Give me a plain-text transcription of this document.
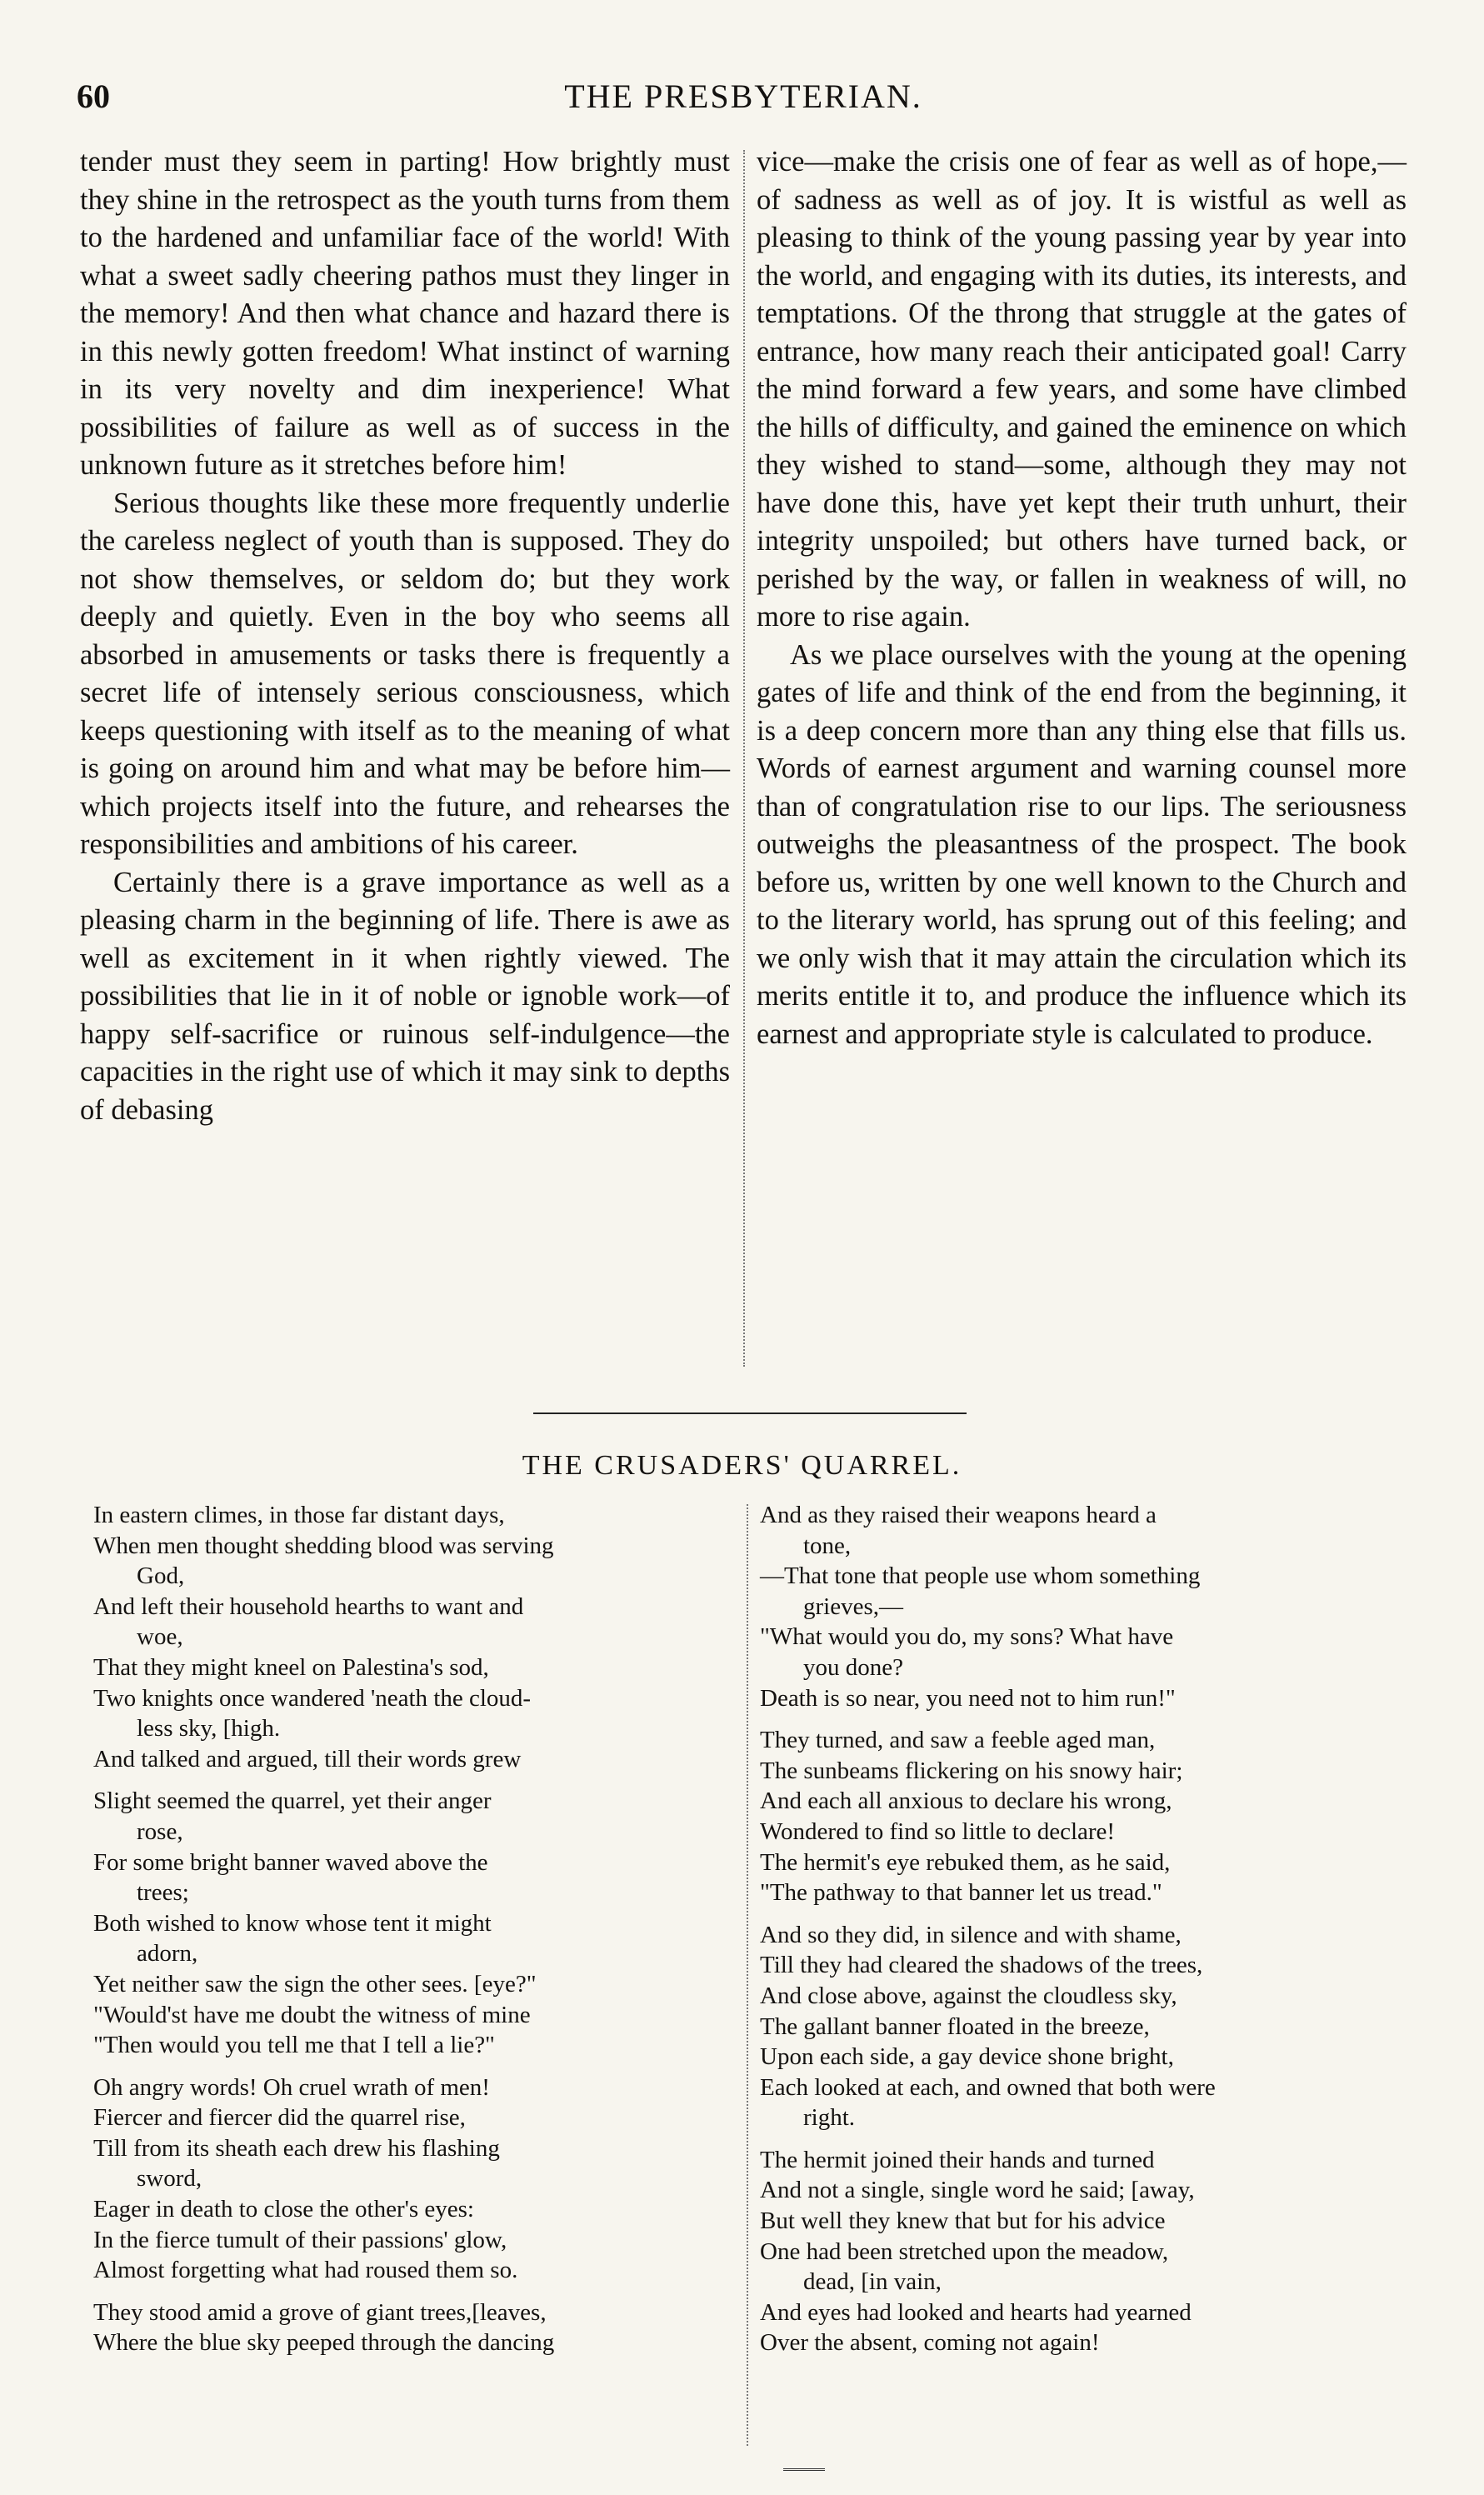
60	THE PRESBYTERIAN.

tender must they seem in parting! How brightly must they shine in the retrospect as the youth turns from them to the hardened and unfamiliar face of the world! With what a sweet sadly cheering pathos must they linger in the memory! And then what chance and hazard there is in this newly gotten freedom! What instinct of warning in its very novelty and dim inexperience! What possibilities of failure as well as of success in the unknown future as it stretches before him!

Serious thoughts like these more frequently underlie the careless neglect of youth than is supposed. They do not show themselves, or seldom do; but they work deeply and quietly. Even in the boy who seems all absorbed in amusements or tasks there is frequently a secret life of intensely serious consciousness, which keeps questioning with itself as to the meaning of what is going on around him and what may be before him—which projects itself into the future, and rehearses the responsibilities and ambitions of his career.

Certainly there is a grave importance as well as a pleasing charm in the beginning of life. There is awe as well as excitement in it when rightly viewed. The possibilities that lie in it of noble or ignoble work—of happy self-sacrifice or ruinous self-indulgence—the capacities in the right use of which it may sink to depths of debasing

vice—make the crisis one of fear as well as of hope,—of sadness as well as of joy. It is wistful as well as pleasing to think of the young passing year by year into the world, and engaging with its duties, its interests, and temptations. Of the throng that struggle at the gates of entrance, how many reach their anticipated goal! Carry the mind forward a few years, and some have climbed the hills of difficulty, and gained the eminence on which they wished to stand—some, although they may not have done this, have yet kept their truth unhurt, their integrity unspoiled; but others have turned back, or perished by the way, or fallen in weakness of will, no more to rise again.

As we place ourselves with the young at the opening gates of life and think of the end from the beginning, it is a deep concern more than any thing else that fills us. Words of earnest argument and warning counsel more than of congratulation rise to our lips. The seriousness outweighs the pleasantness of the prospect. The book before us, written by one well known to the Church and to the literary world, has sprung out of this feeling; and we only wish that it may attain the circulation which its merits entitle it to, and produce the influence which its earnest and appropriate style is calculated to produce.

THE CRUSADERS' QUARREL.
In eastern climes, in those far distant days,
When men thought shedding blood was serving
God,
And left their household hearths to want and
woe,
That they might kneel on Palestina's sod,
Two knights once wandered 'neath the cloud-
less sky, [high.
And talked and argued, till their words grew
Slight seemed the quarrel, yet their anger
rose,
For some bright banner waved above the
trees;
Both wished to know whose tent it might
adorn,
Yet neither saw the sign the other sees. [eye?"
"Would'st have me doubt the witness of mine
"Then would you tell me that I tell a lie?"
Oh angry words! Oh cruel wrath of men!
Fiercer and fiercer did the quarrel rise,
Till from its sheath each drew his flashing
sword,
Eager in death to close the other's eyes:
In the fierce tumult of their passions' glow,
Almost forgetting what had roused them so.
They stood amid a grove of giant trees,[leaves,
Where the blue sky peeped through the dancing
And as they raised their weapons heard a
tone,
—That tone that people use whom something
grieves,—
"What would you do, my sons? What have
you done?
Death is so near, you need not to him run!"
They turned, and saw a feeble aged man,
The sunbeams flickering on his snowy hair;
And each all anxious to declare his wrong,
Wondered to find so little to declare!
The hermit's eye rebuked them, as he said,
"The pathway to that banner let us tread."
And so they did, in silence and with shame,
Till they had cleared the shadows of the trees,
And close above, against the cloudless sky,
The gallant banner floated in the breeze,
Upon each side, a gay device shone bright,
Each looked at each, and owned that both were
right.
The hermit joined their hands and turned
And not a single, single word he said; [away,
But well they knew that but for his advice
One had been stretched upon the meadow,
dead, [in vain,
And eyes had looked and hearts had yearned
Over the absent, coming not again!
